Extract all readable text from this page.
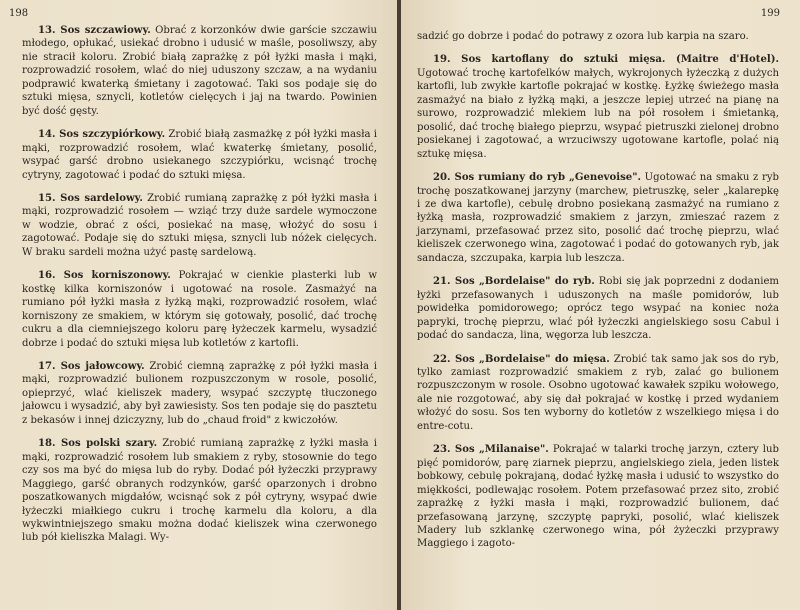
198

13. Sos szczawiowy. Obrać z korzonków dwie garście szczawiu młodego, opłukać, usiekać drobno i udusić w maśle, posoliwszy, aby nie stracił koloru. Zrobić białą zaprażkę z pół łyżki masła i mąki, rozprowadzić rosołem, wlać do niej uduszony szczaw, a na wydaniu podprawić kwaterką śmietany i zagotować. Taki sos podaje się do sztuki mięsa, sznycli, kotletów cielęcych i jaj na twardo. Powinien być dość gęsty.

14. Sos szczypiórkowy. Zrobić białą zasmażkę z pół łyżki masła i mąki, rozprowadzić rosołem, wlać kwaterkę śmietany, posolić, wsypać garść drobno usiekanego szczypiórku, wcisnąć trochę cytryny, zagotować i podać do sztuki mięsa.

15. Sos sardelowy. Zrobić rumianą zaprażkę z pół łyżki masła i mąki, rozprowadzić rosołem — wziąć trzy duże sardele wymoczone w wodzie, obrać z ości, posiekać na masę, włożyć do sosu i zagotować. Podaje się do sztuki mięsa, sznycli lub nóżek cielęcych. W braku sardeli można użyć pastę sardelową.

16. Sos korniszonowy. Pokrajać w cienkie plasterki lub w kostkę kilka korniszonów i ugotować na rosole. Zasmażyć na rumiano pół łyżki masła z łyżką mąki, rozprowadzić rosołem, wlać korniszony ze smakiem, w którym się gotowały, posolić, dać trochę cukru a dla ciemniejszego koloru parę łyżeczek karmelu, wysadzić dobrze i podać do sztuki mięsa lub kotletów z kartofli.

17. Sos jałowcowy. Zrobić ciemną zaprażkę z pół łyżki masła i mąki, rozprowadzić bulionem rozpuszczonym w rosole, posolić, opieprzyć, wlać kieliszek madery, wsypać szczyptę tłuczonego jałowcu i wysadzić, aby był zawiesisty. Sos ten podaje się do pasztetu z bekasów i innej dziczyzny, lub do „chaud froid" z kwiczołów.

18. Sos polski szary. Zrobić rumianą zaprażkę z łyżki masła i mąki, rozprowadzić rosołem lub smakiem z ryby, stosownie do tego czy sos ma być do mięsa lub do ryby. Dodać pół łyżeczki przyprawy Maggiego, garść obranych rodzynków, garść oparzonych i drobno poszatkowanych migdałów, wcisnąć sok z pół cytryny, wsypać dwie łyżeczki miałkiego cukru i trochę karmelu dla koloru, a dla wykwintniejszego smaku można dodać kieliszek wina czerwonego lub pół kieliszka Malagi. Wy-

199

sadzić go dobrze i podać do potrawy z ozora lub karpia na szaro.

19. Sos kartoflany do sztuki mięsa. (Maitre d'Hotel). Ugotować trochę kartofelków małych, wykrojonych łyżeczką z dużych kartofli, lub zwykłe kartofle pokrajać w kostkę. Łyżkę świeżego masła zasmażyć na biało z łyżką mąki, a jeszcze lepiej utrzeć na pianę na surowo, rozprowadzić mlekiem lub na pół rosołem i śmietanką, posolić, dać trochę białego pieprzu, wsypać pietruszki zielonej drobno posiekanej i zagotować, a wrzuciwszy ugotowane kartofle, polać nią sztukę mięsa.

20. Sos rumiany do ryb „Genevoise". Ugotować na smaku z ryb trochę poszatkowanej jarzyny (marchew, pietruszkę, seler „kalarepkę i ze dwa kartofle), cebulę drobno posiekaną zasmażyć na rumiano z łyżką masła, rozprowadzić smakiem z jarzyn, zmieszać razem z jarzynami, przefasować przez sito, posolić dać trochę pieprzu, wlać kieliszek czerwonego wina, zagotować i podać do gotowanych ryb, jak sandacza, szczupaka, karpia lub leszcza.

21. Sos „Bordelaise" do ryb. Robi się jak poprzedni z dodaniem łyżki przefasowanych i uduszonych na maśle pomidorów, lub powidełka pomidorowego; oprócz tego wsypać na koniec noża papryki, trochę pieprzu, wlać pół łyżeczki angielskiego sosu Cabul i podać do sandacza, lina, węgorza lub leszcza.

22. Sos „Bordelaise" do mięsa. Zrobić tak samo jak sos do ryb, tylko zamiast rozprowadzić smakiem z ryb, zalać go bulionem rozpuszczonym w rosole. Osobno ugotować kawałek szpiku wołowego, ale nie rozgotować, aby się dał pokrajać w kostkę i przed wydaniem włożyć do sosu. Sos ten wyborny do kotletów z wszelkiego mięsa i do entre-cotu.

23. Sos „Milanaise". Pokrajać w talarki trochę jarzyn, cztery lub pięć pomidorów, parę ziarnek pieprzu, angielskiego ziela, jeden listek bobkowy, cebulę pokrajaną, dodać łyżkę masła i udusić to wszystko do miękkości, podlewając rosołem. Potem przefasować przez sito, zrobić zaprażkę z łyżki masła i mąki, rozprowadzić bulionem, dać przefasowaną jarzynę, szczyptę papryki, posolić, wlać kieliszek Madery lub szklankę czerwonego wina, pół żyżeczki przyprawy Maggiego i zagoto-
